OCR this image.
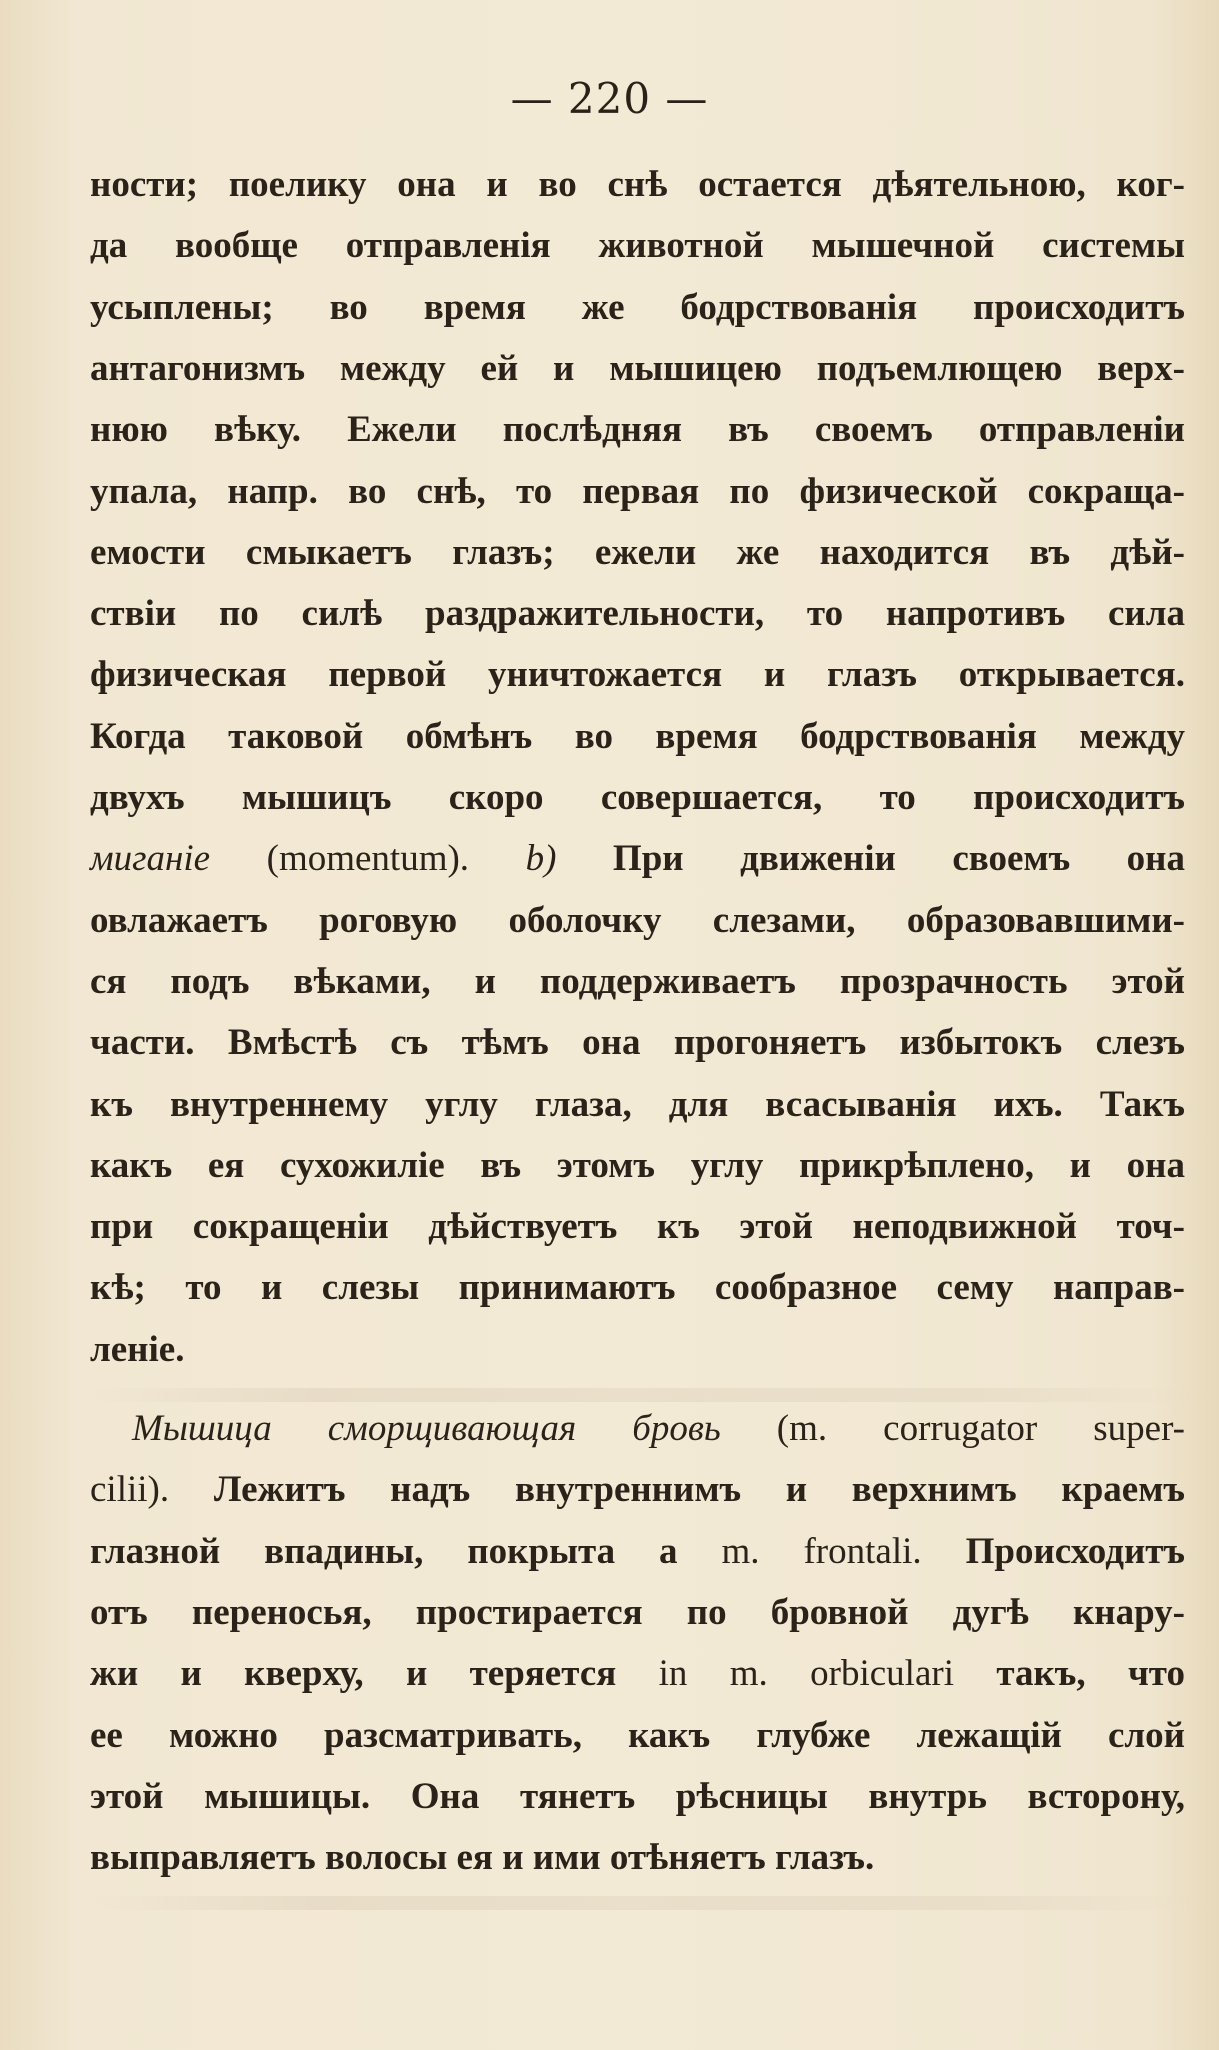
— 220 —
ности; поелику она и во снѣ остается дѣятельною, ког-
да вообще отправленія животной мышечной системы
усыплены; во время же бодрствованія происходитъ
антагонизмъ между ей и мышицею подъемлющею верх-
нюю вѣку. Ежели послѣдняя въ своемъ отправленіи
упала, напр. во снѣ, то первая по физической сокраща-
емости смыкаетъ глазъ; ежели же находится въ дѣй-
ствіи по силѣ раздражительности, то напротивъ сила
физическая первой уничтожается и глазъ открывается.
Когда таковой обмѣнъ во время бодрствованія между
двухъ мышицъ скоро совершается, то происходитъ
миганіе (momentum). b) При движеніи своемъ она
овлажаетъ роговую оболочку слезами, образовавшими-
ся подъ вѣками, и поддерживаетъ прозрачность этой
части. Вмѣстѣ съ тѣмъ она прогоняетъ избытокъ слезъ
къ внутреннему углу глаза, для всасыванія ихъ. Такъ
какъ ея сухожиліе въ этомъ углу прикрѣплено, и она
при сокращеніи дѣйствуетъ къ этой неподвижной точ-
кѣ; то и слезы принимаютъ сообразное сему направ-
леніе.
Мышица сморщивающая бровь (m. corrugator super-
cilii). Лежитъ надъ внутреннимъ и верхнимъ краемъ
глазной впадины, покрыта a m. frontali. Происходитъ
отъ переносья, простирается по бровной дугѣ кнару-
жи и кверху, и теряется in m. orbiculari такъ, что
ее можно разсматривать, какъ глубже лежащій слой
этой мышицы. Она тянетъ рѣсницы внутрь всторону,
выправляетъ волосы ея и ими отѣняетъ глазъ.
